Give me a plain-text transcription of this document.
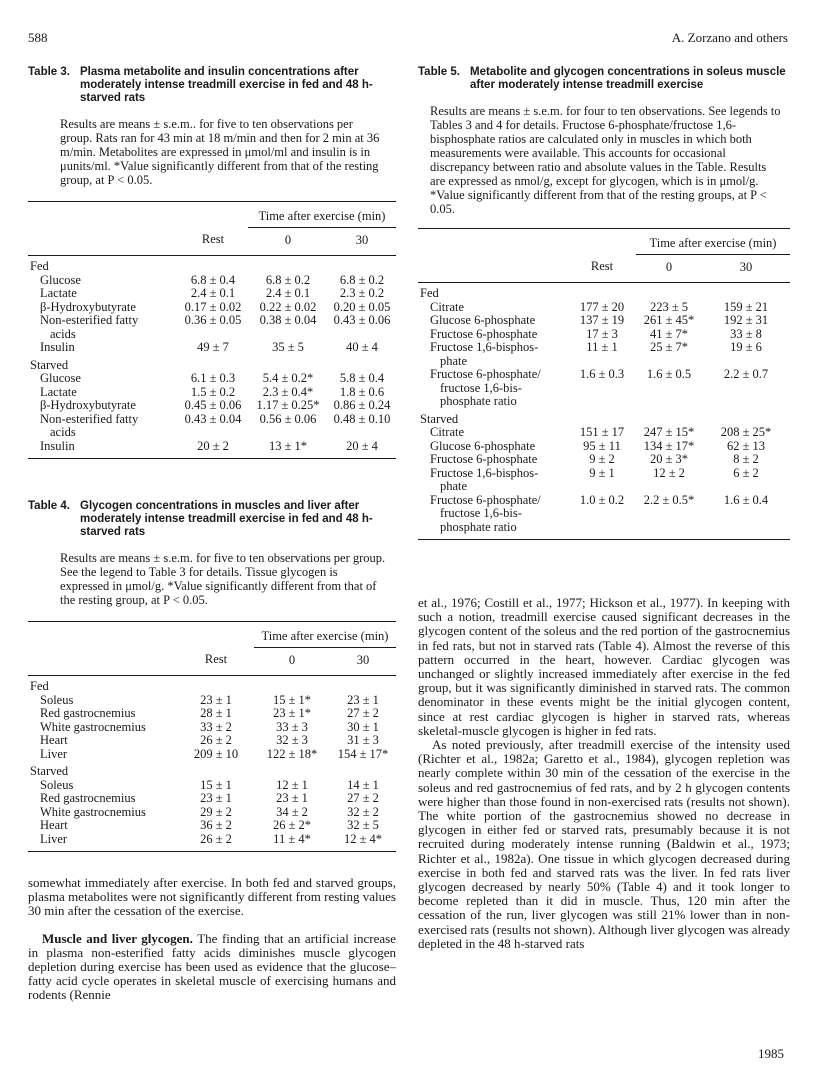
588	A. Zorzano and others
Table 3. Plasma metabolite and insulin concentrations after moderately intense treadmill exercise in fed and 48 h-starved rats
Results are means ± s.e.m.. for five to ten observations per group. Rats ran for 43 min at 18 m/min and then for 2 min at 36 m/min. Metabolites are expressed in μmol/ml and insulin is in μunits/ml. *Value significantly different from that of the resting group, at P < 0.05.

		Time after exercise (min)	
	Rest	0	30

Fed			
Glucose	6.8 ± 0.4	6.8 ± 0.2	6.8 ± 0.2
Lactate	2.4 ± 0.1	2.4 ± 0.1	2.3 ± 0.2
β-Hydroxybutyrate	0.17 ± 0.02	0.22 ± 0.02	0.20 ± 0.05
Non-esterified fatty
acids	0.36 ± 0.05	0.38 ± 0.04	0.43 ± 0.06
Insulin	49 ± 7	35 ± 5	40 ± 4
Starved			
Glucose	6.1 ± 0.3	5.4 ± 0.2*	5.8 ± 0.4
Lactate	1.5 ± 0.2	2.3 ± 0.4*	1.8 ± 0.6
β-Hydroxybutyrate	0.45 ± 0.06	1.17 ± 0.25*	0.86 ± 0.24
Non-esterified fatty
acids	0.43 ± 0.04	0.56 ± 0.06	0.48 ± 0.10
Insulin	20 ± 2	13 ± 1*	20 ± 4

Table 4. Glycogen concentrations in muscles and liver after moderately intense treadmill exercise in fed and 48 h-starved rats
Results are means ± s.e.m. for five to ten observations per group. See the legend to Table 3 for details. Tissue glycogen is expressed in μmol/g. *Value significantly different from that of the resting group, at P < 0.05.

		Time after exercise (min)	
	Rest	0	30

Fed			
Soleus	23 ± 1	15 ± 1*	23 ± 1
Red gastrocnemius	28 ± 1	23 ± 1*	27 ± 2
White gastrocnemius	33 ± 2	33 ± 3	30 ± 1
Heart	26 ± 2	32 ± 3	31 ± 3
Liver	209 ± 10	122 ± 18*	154 ± 17*
Starved			
Soleus	15 ± 1	12 ± 1	14 ± 1
Red gastrocnemius	23 ± 1	23 ± 1	27 ± 2
White gastrocnemius	29 ± 2	34 ± 2	32 ± 2
Heart	36 ± 2	26 ± 2*	32 ± 5
Liver	26 ± 2	11 ± 4*	12 ± 4*

somewhat immediately after exercise. In both fed and starved groups, plasma metabolites were not significantly different from resting values 30 min after the cessation of the exercise.

Muscle and liver glycogen. The finding that an artificial increase in plasma non-esterified fatty acids diminishes muscle glycogen depletion during exercise has been used as evidence that the glucose–fatty acid cycle operates in skeletal muscle of exercising humans and rodents (Rennie

Table 5. Metabolite and glycogen concentrations in soleus muscle after moderately intense treadmill exercise
Results are means ± s.e.m. for four to ten observations. See legends to Tables 3 and 4 for details. Fructose 6-phosphate/fructose 1,6-bisphosphate ratios are calculated only in muscles in which both measurements were available. This accounts for occasional discrepancy between ratio and absolute values in the Table. Results are expressed as nmol/g, except for glycogen, which is in μmol/g. *Value significantly different from that of the resting groups, at P < 0.05.

		Time after exercise (min)	
	Rest	0	30

Fed			
Citrate	177 ± 20	223 ± 5	159 ± 21
Glucose 6-phosphate	137 ± 19	261 ± 45*	192 ± 31
Fructose 6-phosphate	17 ± 3	41 ± 7*	33 ± 8
Fructose 1,6-bisphos-
phate	11 ± 1	25 ± 7*	19 ± 6
Fructose 6-phosphate/
fructose 1,6-bis-
phosphate ratio	1.6 ± 0.3	1.6 ± 0.5	2.2 ± 0.7
Starved			
Citrate	151 ± 17	247 ± 15*	208 ± 25*
Glucose 6-phosphate	95 ± 11	134 ± 17*	62 ± 13
Fructose 6-phosphate	9 ± 2	20 ± 3*	8 ± 2
Fructose 1,6-bisphos-
phate	9 ± 1	12 ± 2	6 ± 2
Fructose 6-phosphate/
fructose 1,6-bis-
phosphate ratio	1.0 ± 0.2	2.2 ± 0.5*	1.6 ± 0.4

et al., 1976; Costill et al., 1977; Hickson et al., 1977). In keeping with such a notion, treadmill exercise caused significant decreases in the glycogen content of the soleus and the red portion of the gastrocnemius in fed rats, but not in starved rats (Table 4). Almost the reverse of this pattern occurred in the heart, however. Cardiac glycogen was unchanged or slightly increased immediately after exercise in the fed group, but it was significantly diminished in starved rats. The common denominator in these events might be the initial glycogen content, since at rest cardiac glycogen is higher in starved rats, whereas skeletal-muscle glycogen is higher in fed rats.

As noted previously, after treadmill exercise of the intensity used (Richter et al., 1982a; Garetto et al., 1984), glycogen repletion was nearly complete within 30 min of the cessation of the exercise in the soleus and red gastrocnemius of fed rats, and by 2 h glycogen contents were higher than those found in non-exercised rats (results not shown). The white portion of the gastrocnemius showed no decrease in glycogen in either fed or starved rats, presumably because it is not recruited during moderately intense running (Baldwin et al., 1973; Richter et al., 1982a). One tissue in which glycogen decreased during exercise in both fed and starved rats was the liver. In fed rats liver glycogen decreased by nearly 50% (Table 4) and it took longer to become repleted than it did in muscle. Thus, 120 min after the cessation of the run, liver glycogen was still 21% lower than in non-exercised rats (results not shown). Although liver glycogen was already depleted in the 48 h-starved rats

1985
